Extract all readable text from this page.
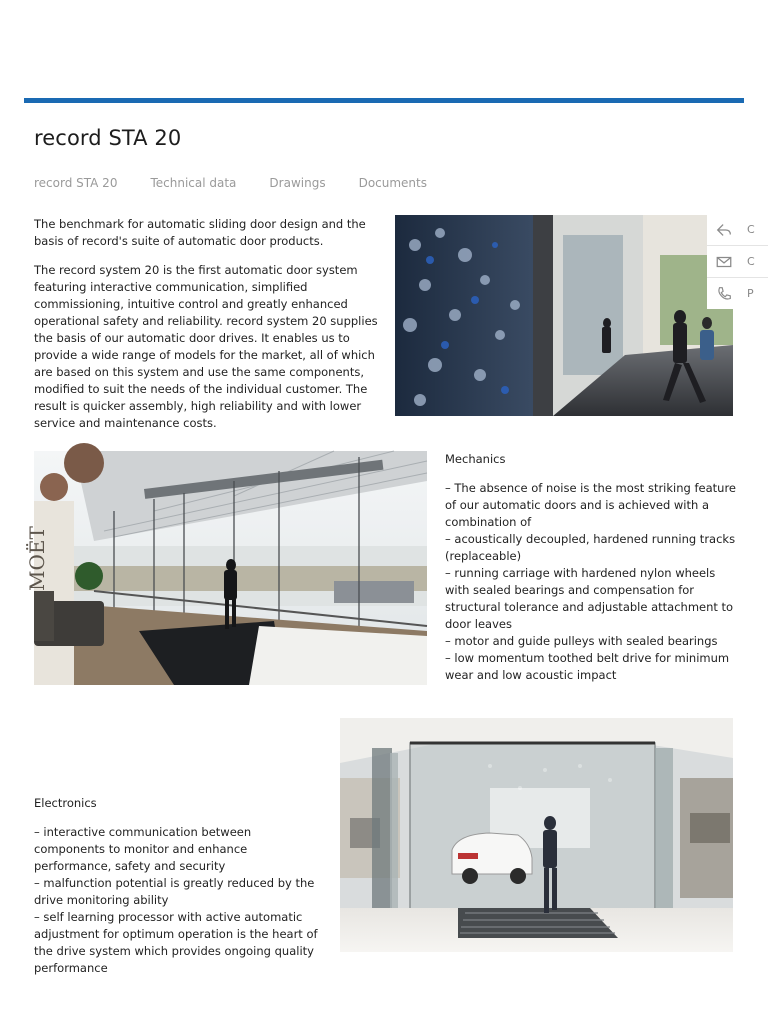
record STA 20
record STA 20	Technical data	Drawings	Documents

The benchmark for automatic sliding door design and the basis of record's suite of automatic door products.

The record system 20 is the first automatic door system featuring interactive communication, simplified commissioning, intuitive control and greatly enhanced operational safety and reliability. record system 20 supplies the basis of our automatic door drives. It enables us to provide a wide range of models for the market, all of which are based on this system and use the same components, modified to suit the needs of the individual customer. The result is quicker assembly, high reliability and with lower service and maintenance costs.

C
C
P
MOËT
Mechanics
– The absence of noise is the most striking feature of our automatic doors and is achieved with a combination of
– acoustically decoupled, hardened running tracks (replaceable)
– running carriage with hardened nylon wheels with sealed bearings and compensation for structural tolerance and adjustable attachment to door leaves
– motor and guide pulleys with sealed bearings
– low momentum toothed belt drive for minimum wear and low acoustic impact
Electronics
– interactive communication between components to monitor and enhance performance, safety and security
– malfunction potential is greatly reduced by the drive monitoring ability
– self learning processor with active automatic adjustment for optimum operation is the heart of the drive system which provides ongoing quality performance
